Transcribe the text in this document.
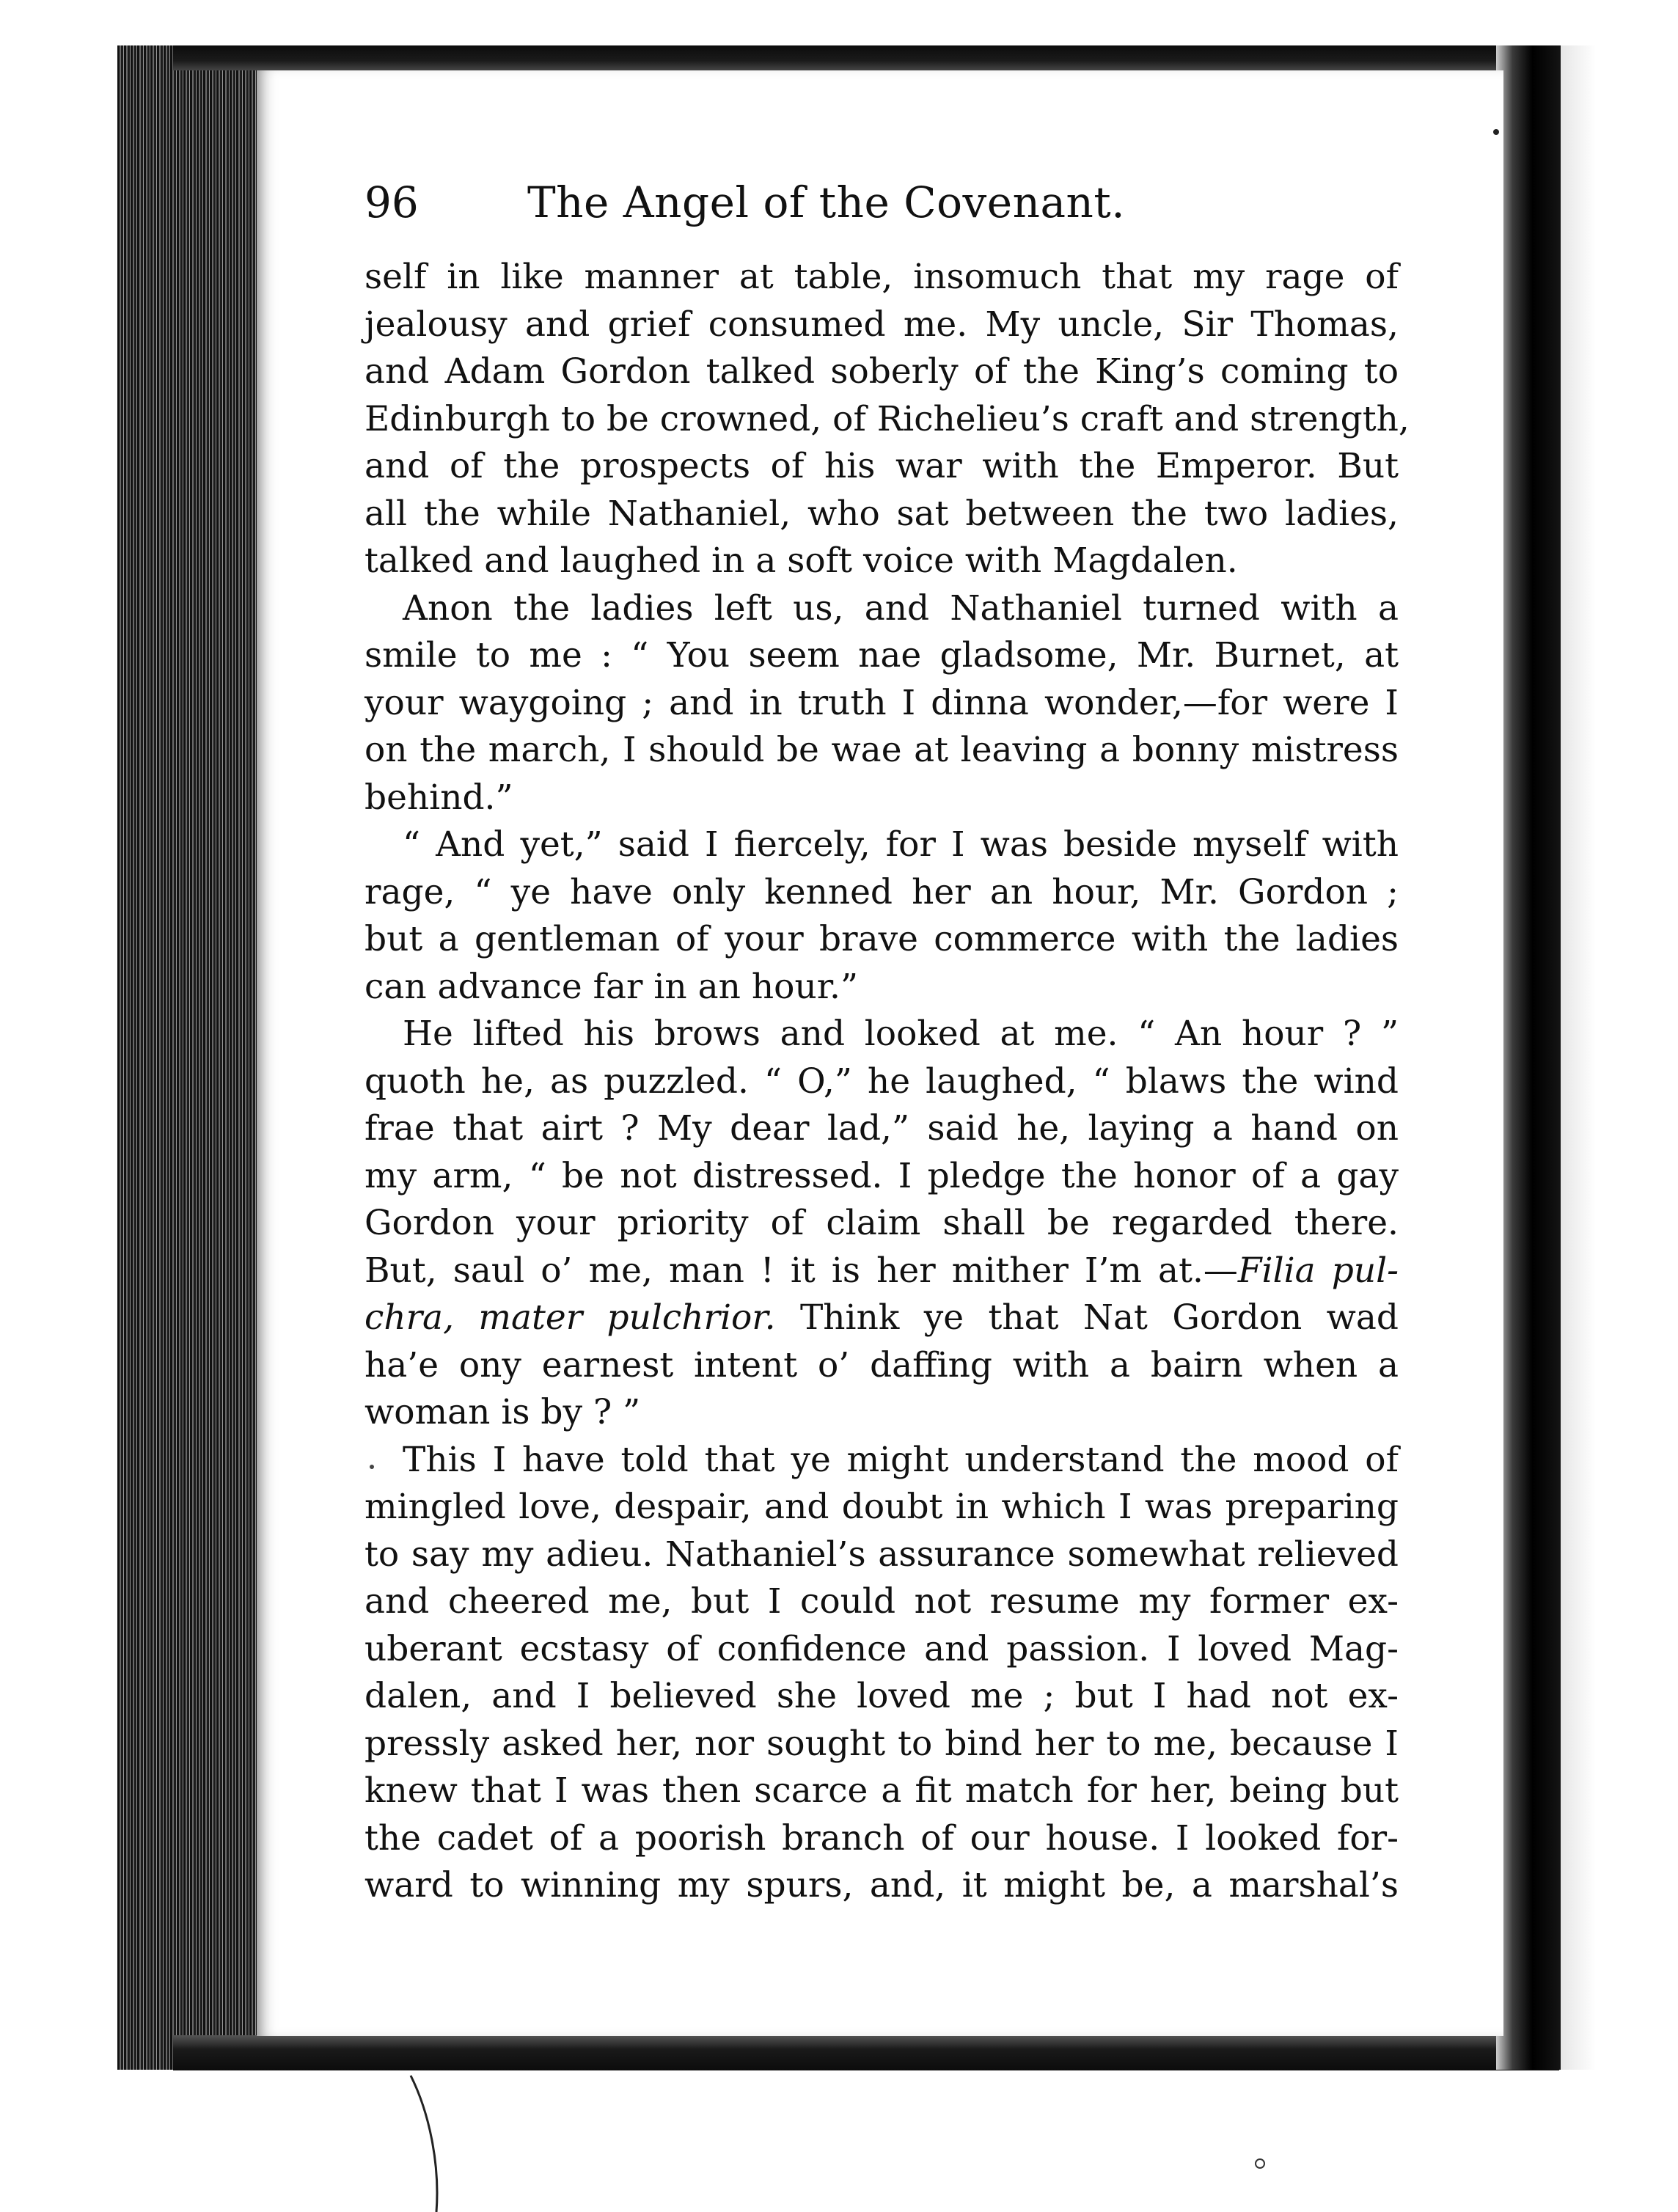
96	The Angel of the Covenant.
self in like manner at table, insomuch that my rage of
jealousy and grief consumed me. My uncle, Sir Thomas,
and Adam Gordon talked soberly of the King’s coming to
Edinburgh to be crowned, of Richelieu’s craft and strength,
and of the prospects of his war with the Emperor. But
all the while Nathaniel, who sat between the two ladies,
talked and laughed in a soft voice with Magdalen.
Anon the ladies left us, and Nathaniel turned with a
smile to me : “ You seem nae gladsome, Mr. Burnet, at
your waygoing ; and in truth I dinna wonder,—for were I
on the march, I should be wae at leaving a bonny mistress
behind.”
“ And yet,” said I fiercely, for I was beside myself with
rage, “ ye have only kenned her an hour, Mr. Gordon ;
but a gentleman of your brave commerce with the ladies
can advance far in an hour.”
He lifted his brows and looked at me. “ An hour ? ”
quoth he, as puzzled. “ O,” he laughed, “ blaws the wind
frae that airt ? My dear lad,” said he, laying a hand on
my arm, “ be not distressed. I pledge the honor of a gay
Gordon your priority of claim shall be regarded there.
But, saul o’ me, man ! it is her mither I’m at.—Filia pul-
chra, mater pulchrior. Think ye that Nat Gordon wad
ha’e ony earnest intent o’ daffing with a bairn when a
woman is by ? ”
This I have told that ye might understand the mood of
mingled love, despair, and doubt in which I was preparing
to say my adieu. Nathaniel’s assurance somewhat relieved
and cheered me, but I could not resume my former ex-
uberant ecstasy of confidence and passion. I loved Mag-
dalen, and I believed she loved me ; but I had not ex-
pressly asked her, nor sought to bind her to me, because I
knew that I was then scarce a fit match for her, being but
the cadet of a poorish branch of our house. I looked for-
ward to winning my spurs, and, it might be, a marshal’s
